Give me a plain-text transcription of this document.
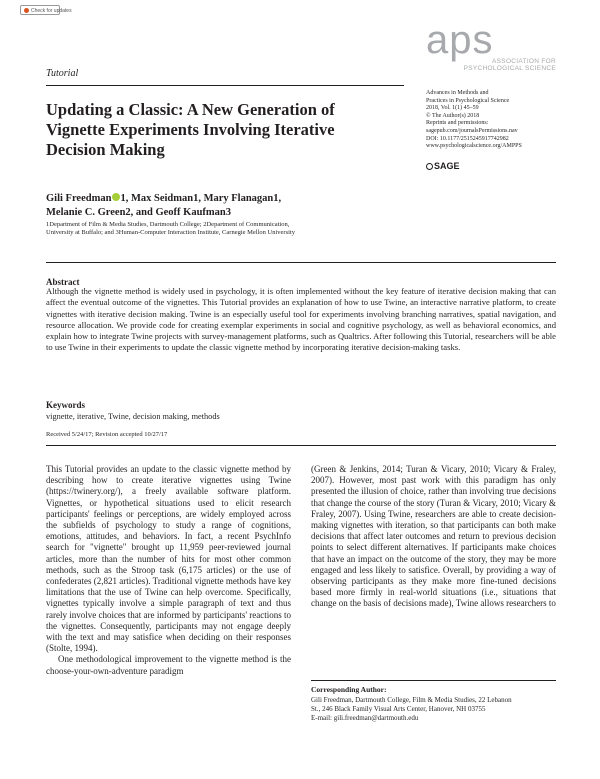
Check for updates
Tutorial
aps
ASSOCIATION FOR
PSYCHOLOGICAL SCIENCE
Advances in Methods and
Practices in Psychological Science
2018, Vol. 1(1) 45–59
© The Author(s) 2018
Reprints and permissions:
sagepub.com/journalsPermissions.nav
DOI: 10.1177/2515245917742982
www.psychologicalscience.org/AMPPS
SAGE
Updating a Classic: A New Generation of Vignette Experiments Involving Iterative Decision Making
Gili Freedman 1, Max Seidman1, Mary Flanagan1,
Melanie C. Green2, and Geoff Kaufman3
1Department of Film & Media Studies, Dartmouth College; 2Department of Communication,
University at Buffalo; and 3Human-Computer Interaction Institute, Carnegie Mellon University
Abstract
Although the vignette method is widely used in psychology, it is often implemented without the key feature of iterative decision making that can affect the eventual outcome of the vignettes. This Tutorial provides an explanation of how to use Twine, an interactive narrative platform, to create vignettes with iterative decision making. Twine is an especially useful tool for experiments involving branching narratives, spatial navigation, and resource allocation. We provide code for creating exemplar experiments in social and cognitive psychology, as well as behavioral economics, and explain how to integrate Twine projects with survey-management platforms, such as Qualtrics. After following this Tutorial, researchers will be able to use Twine in their experiments to update the classic vignette method by incorporating iterative decision-making tasks.
Keywords
vignette, iterative, Twine, decision making, methods
Received 5/24/17; Revision accepted 10/27/17

This Tutorial provides an update to the classic vignette method by describing how to create iterative vignettes using Twine (https://twinery.org/), a freely available software platform. Vignettes, or hypothetical situations used to elicit research participants' feelings or perceptions, are widely employed across the subfields of psychology to study a range of cognitions, emotions, attitudes, and behaviors. In fact, a recent PsychInfo search for "vignette" brought up 11,959 peer-reviewed journal articles, more than the number of hits for most other common methods, such as the Stroop task (6,175 articles) or the use of confederates (2,821 articles). Traditional vignette methods have key limitations that the use of Twine can help overcome. Specifically, vignettes typically involve a simple paragraph of text and thus rarely involve choices that are informed by participants' reactions to the vignettes. Consequently, participants may not engage deeply with the text and may satisfice when deciding on their responses (Stolte, 1994).

One methodological improvement to the vignette method is the choose-your-own-adventure paradigm

(Green & Jenkins, 2014; Turan & Vicary, 2010; Vicary & Fraley, 2007). However, most past work with this paradigm has only presented the illusion of choice, rather than involving true decisions that change the course of the story (Turan & Vicary, 2010; Vicary & Fraley, 2007). Using Twine, researchers are able to create decision-making vignettes with iteration, so that participants can both make decisions that affect later outcomes and return to previous decision points to select different alternatives. If participants make choices that have an impact on the outcome of the story, they may be more engaged and less likely to satisfice. Overall, by providing a way of observing participants as they make more fine-tuned decisions based more firmly in real-world situations (i.e., situations that change on the basis of decisions made), Twine allows researchers to

Corresponding Author:
Gili Freedman, Dartmouth College, Film & Media Studies, 22 Lebanon
St., 246 Black Family Visual Arts Center, Hanover, NH 03755
E-mail: gili.freedman@dartmouth.edu
